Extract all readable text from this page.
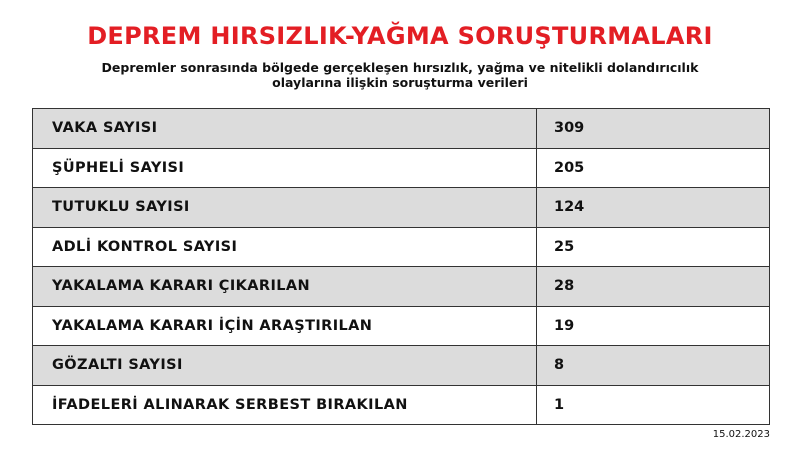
DEPREM HIRSIZLIK-YAĞMA SORUŞTURMALARI
Depremler sonrasında bölgede gerçekleşen hırsızlık, yağma ve nitelikli dolandırıcılık
olaylarına ilişkin soruşturma verileri
VAKA SAYISI	309
ŞÜPHELİ SAYISI	205
TUTUKLU SAYISI	124
ADLİ KONTROL SAYISI	25
YAKALAMA KARARI ÇIKARILAN	28
YAKALAMA KARARI İÇİN ARAŞTIRILAN	19
GÖZALTI SAYISI	8
İFADELERİ ALINARAK SERBEST BIRAKILAN	1
15.02.2023
